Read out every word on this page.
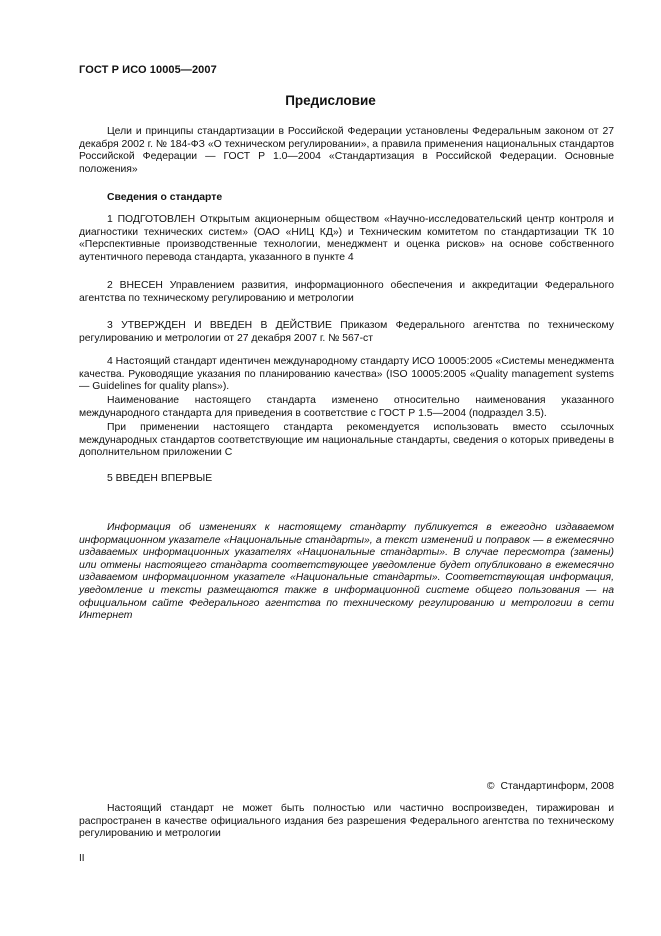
ГОСТ Р ИСО 10005—2007
Предисловие

Цели и принципы стандартизации в Российской Федерации установлены Федеральным законом от 27 декабря 2002 г. № 184-ФЗ «О техническом регулировании», а правила применения национальных стандартов Российской Федерации — ГОСТ Р 1.0—2004 «Стандартизация в Российской Федерации. Основные положения»

Сведения о стандарте

1 ПОДГОТОВЛЕН Открытым акционерным обществом «Научно-исследовательский центр контроля и диагностики технических систем» (ОАО «НИЦ КД») и Техническим комитетом по стандартизации ТК 10 «Перспективные производственные технологии, менеджмент и оценка рисков» на основе собственного аутентичного перевода стандарта, указанного в пункте 4

2 ВНЕСЕН Управлением развития, информационного обеспечения и аккредитации Федерального агентства по техническому регулированию и метрологии

3 УТВЕРЖДЕН И ВВЕДЕН В ДЕЙСТВИЕ Приказом Федерального агентства по техническому регулированию и метрологии от 27 декабря 2007 г. № 567-ст

4 Настоящий стандарт идентичен международному стандарту ИСО 10005:2005 «Системы менеджмента качества. Руководящие указания по планированию качества» (ISO 10005:2005 «Quality management systems — Guidelines for quality plans»).

Наименование настоящего стандарта изменено относительно наименования указанного международного стандарта для приведения в соответствие с ГОСТ Р 1.5—2004 (подраздел 3.5).

При применении настоящего стандарта рекомендуется использовать вместо ссылочных международных стандартов соответствующие им национальные стандарты, сведения о которых приведены в дополнительном приложении С

5 ВВЕДЕН ВПЕРВЫЕ

Информация об изменениях к настоящему стандарту публикуется в ежегодно издаваемом информационном указателе «Национальные стандарты», а текст изменений и поправок — в ежемесячно издаваемых информационных указателях «Национальные стандарты». В случае пересмотра (замены) или отмены настоящего стандарта соответствующее уведомление будет опубликовано в ежемесячно издаваемом информационном указателе «Национальные стандарты». Соответствующая информация, уведомление и тексты размещаются также в информационной системе общего пользования — на официальном сайте Федерального агентства по техническому регулированию и метрологии в сети Интернет

© Стандартинформ, 2008

Настоящий стандарт не может быть полностью или частично воспроизведен, тиражирован и распространен в качестве официального издания без разрешения Федерального агентства по техническому регулированию и метрологии

II
